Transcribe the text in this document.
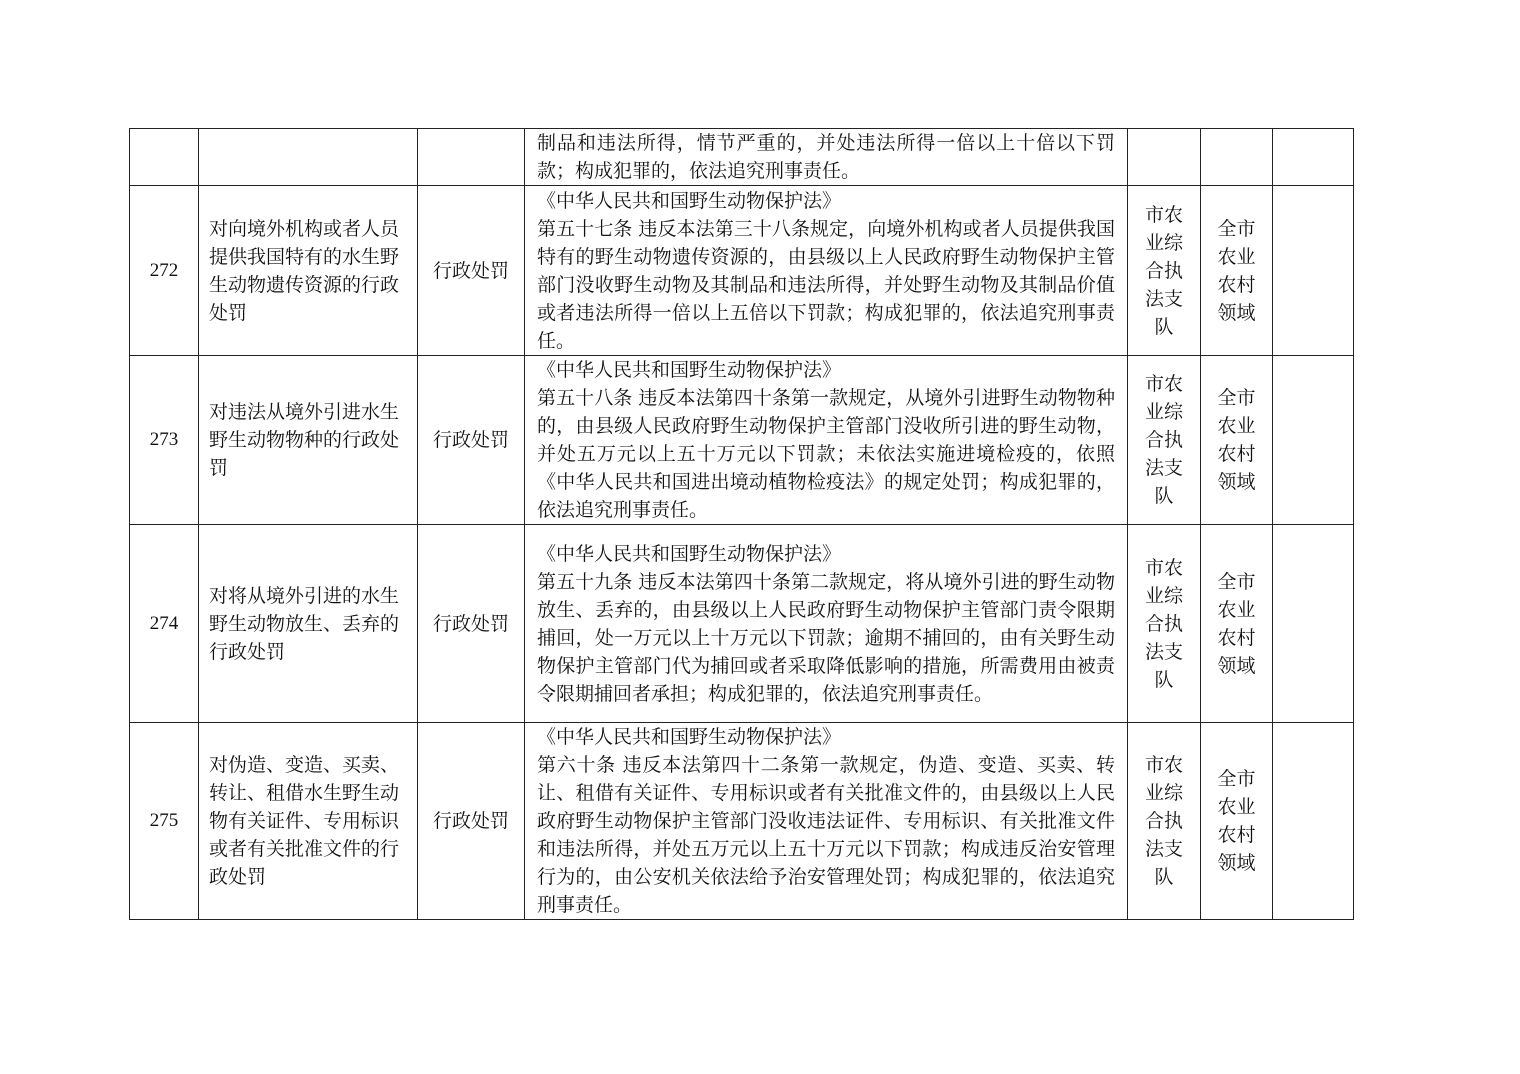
			制品和违法所得，情节严重的，并处违法所得一倍以上十倍以下罚款；构成犯罪的，依法追究刑事责任。			

272	对向境外机构或者人员提供我国特有的水生野生动物遗传资源的行政处罚	行政处罚	《中华人民共和国野生动物保护法》
第五十七条 违反本法第三十八条规定，向境外机构或者人员提供我国特有的野生动物遗传资源的，由县级以上人民政府野生动物保护主管部门没收野生动物及其制品和违法所得，并处野生动物及其制品价值或者违法所得一倍以上五倍以下罚款；构成犯罪的，依法追究刑事责任。	市农业综合执法支队	全市农业农村领域	
273	对违法从境外引进水生野生动物物种的行政处罚	行政处罚	《中华人民共和国野生动物保护法》
第五十八条 违反本法第四十条第一款规定，从境外引进野生动物物种的，由县级人民政府野生动物保护主管部门没收所引进的野生动物，并处五万元以上五十万元以下罚款；未依法实施进境检疫的，依照《中华人民共和国进出境动植物检疫法》的规定处罚；构成犯罪的，依法追究刑事责任。	市农业综合执法支队	全市农业农村领域	
274	对将从境外引进的水生野生动物放生、丢弃的行政处罚	行政处罚	《中华人民共和国野生动物保护法》
第五十九条 违反本法第四十条第二款规定，将从境外引进的野生动物放生、丢弃的，由县级以上人民政府野生动物保护主管部门责令限期捕回，处一万元以上十万元以下罚款；逾期不捕回的，由有关野生动物保护主管部门代为捕回或者采取降低影响的措施，所需费用由被责令限期捕回者承担；构成犯罪的，依法追究刑事责任。	市农业综合执法支队	全市农业农村领域	
275	对伪造、变造、买卖、转让、租借水生野生动物有关证件、专用标识或者有关批准文件的行政处罚	行政处罚	《中华人民共和国野生动物保护法》
第六十条 违反本法第四十二条第一款规定，伪造、变造、买卖、转让、租借有关证件、专用标识或者有关批准文件的，由县级以上人民政府野生动物保护主管部门没收违法证件、专用标识、有关批准文件和违法所得，并处五万元以上五十万元以下罚款；构成违反治安管理行为的，由公安机关依法给予治安管理处罚；构成犯罪的，依法追究刑事责任。	市农业综合执法支队	全市农业农村领域	
